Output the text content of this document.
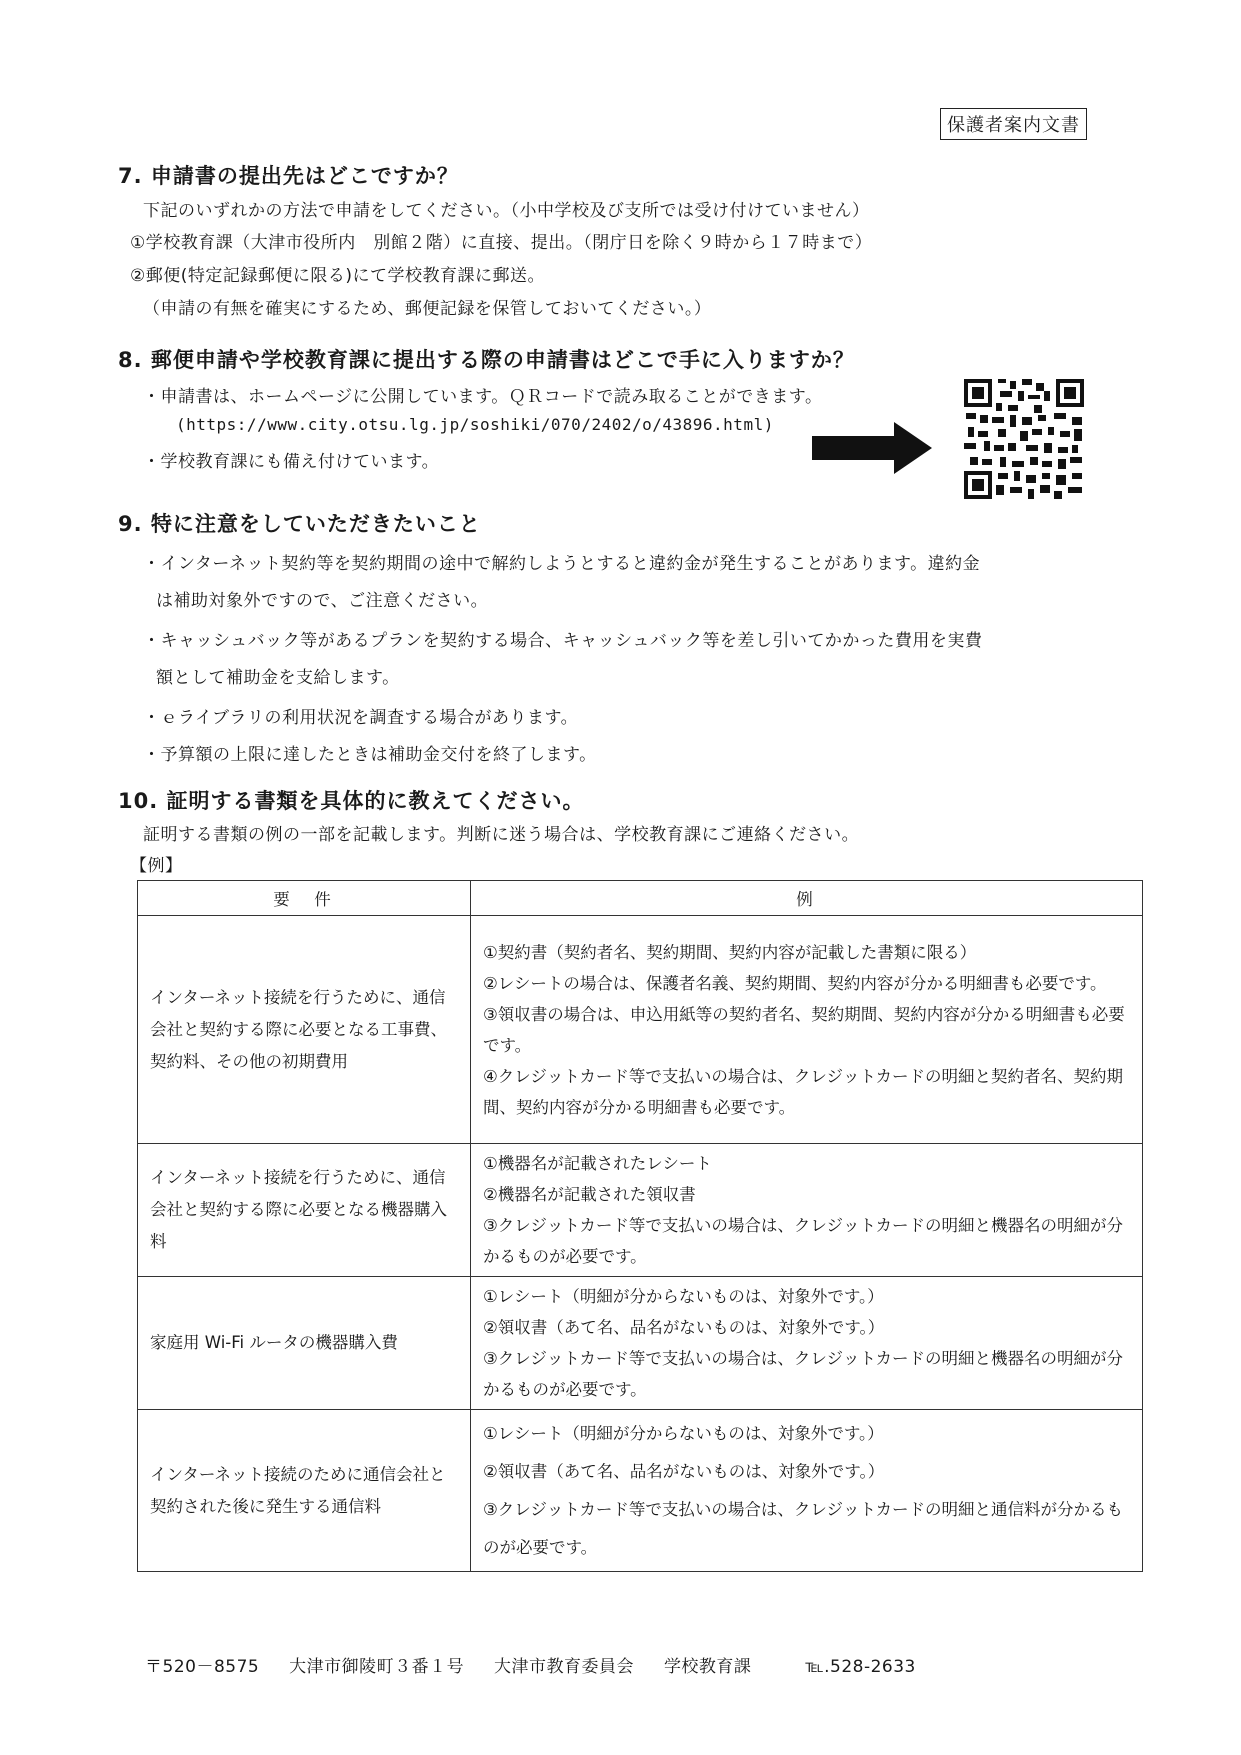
保護者案内文書
7. 申請書の提出先はどこですか？
下記のいずれかの方法で申請をしてください。（小中学校及び支所では受け付けていません）
①学校教育課（大津市役所内　別館２階）に直接、提出。（閉庁日を除く９時から１７時まで）
②郵便(特定記録郵便に限る)にて学校教育課に郵送。
（申請の有無を確実にするため、郵便記録を保管しておいてください。）
8. 郵便申請や学校教育課に提出する際の申請書はどこで手に入りますか？
・申請書は、ホームページに公開しています。ＱＲコードで読み取ることができます。
(https://www.city.otsu.lg.jp/soshiki/070/2402/o/43896.html)
・学校教育課にも備え付けています。
9. 特に注意をしていただきたいこと
・インターネット契約等を契約期間の途中で解約しようとすると違約金が発生することがあります。違約金
は補助対象外ですので、ご注意ください。
・キャッシュバック等があるプランを契約する場合、キャッシュバック等を差し引いてかかった費用を実費
額として補助金を支給します。
・ｅライブラリの利用状況を調査する場合があります。
・予算額の上限に達したときは補助金交付を終了します。
10. 証明する書類を具体的に教えてください。
証明する書類の例の一部を記載します。判断に迷う場合は、学校教育課にご連絡ください。
【例】
要　件	例
インターネット接続を行うために、通信会社と契約する際に必要となる工事費、契約料、その他の初期費用	①契約書（契約者名、契約期間、契約内容が記載した書類に限る）
②レシートの場合は、保護者名義、契約期間、契約内容が分かる明細書も必要です。
③領収書の場合は、申込用紙等の契約者名、契約期間、契約内容が分かる明細書も必要です。
④クレジットカード等で支払いの場合は、クレジットカードの明細と契約者名、契約期間、契約内容が分かる明細書も必要です。

インターネット接続を行うために、通信会社と契約する際に必要となる機器購入料	①機器名が記載されたレシート
②機器名が記載された領収書
③クレジットカード等で支払いの場合は、クレジットカードの明細と機器名の明細が分かるものが必要です。

家庭用 Wi-Fi ルータの機器購入費	①レシート（明細が分からないものは、対象外です。）
②領収書（あて名、品名がないものは、対象外です。）
③クレジットカード等で支払いの場合は、クレジットカードの明細と機器名の明細が分かるものが必要です。

インターネット接続のために通信会社と契約された後に発生する通信料	①レシート（明細が分からないものは、対象外です。）
②領収書（あて名、品名がないものは、対象外です。）
③クレジットカード等で支払いの場合は、クレジットカードの明細と通信料が分かるものが必要です。
〒520－8575 大津市御陵町３番１号 大津市教育委員会 学校教育課	℡.528-2633
